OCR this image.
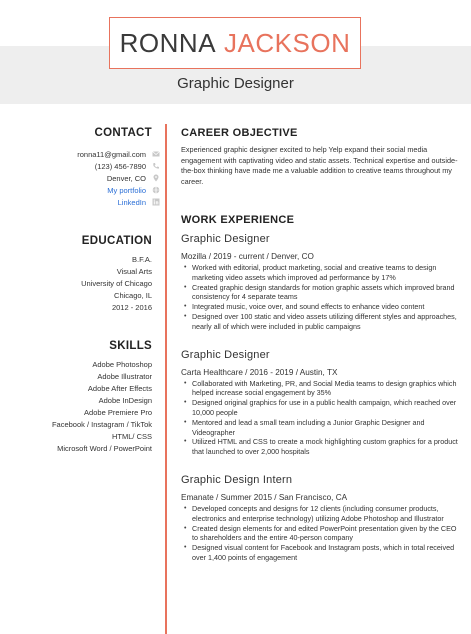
RONNA JACKSON
Graphic Designer
CONTACT
ronna11@gmail.com
(123) 456-7890
Denver, CO
My portfolio
LinkedIn
EDUCATION
B.F.A.
Visual Arts
University of Chicago
Chicago, IL
2012 - 2016
SKILLS
Adobe Photoshop
Adobe Illustrator
Adobe After Effects
Adobe InDesign
Adobe Premiere Pro
Facebook / Instagram / TikTok
HTML/ CSS
Microsoft Word / PowerPoint
CAREER OBJECTIVE

Experienced graphic designer excited to help Yelp expand their social media engagement with captivating video and static assets. Technical expertise and outside-the-box thinking have made me a valuable addition to creative teams throughout my career.

WORK EXPERIENCE
Graphic Designer
Mozilla / 2019 - current / Denver, CO
• Worked with editorial, product marketing, social and creative teams to design marketing video assets which improved ad performance by 17%
• Created graphic design standards for motion graphic assets which improved brand consistency for 4 separate teams
• Integrated music, voice over, and sound effects to enhance video content
• Designed over 100 static and video assets utilizing different styles and approaches, nearly all of which were included in public campaigns
Graphic Designer
Carta Healthcare / 2016 - 2019 / Austin, TX
• Collaborated with Marketing, PR, and Social Media teams to design graphics which helped increase social engagement by 35%
• Designed original graphics for use in a public health campaign, which reached over 10,000 people
• Mentored and lead a small team including a Junior Graphic Designer and Videographer
• Utilized HTML and CSS to create a mock highlighting custom graphics for a product that launched to over 2,000 hospitals
Graphic Design Intern
Emanate / Summer 2015 / San Francisco, CA
• Developed concepts and designs for 12 clients (including consumer products, electronics and enterprise technology) utilizing Adobe Photoshop and Illustrator
• Created design elements for and edited PowerPoint presentation given by the CEO to shareholders and the entire 40-person company
• Designed visual content for Facebook and Instagram posts, which in total received over 1,400 points of engagement
